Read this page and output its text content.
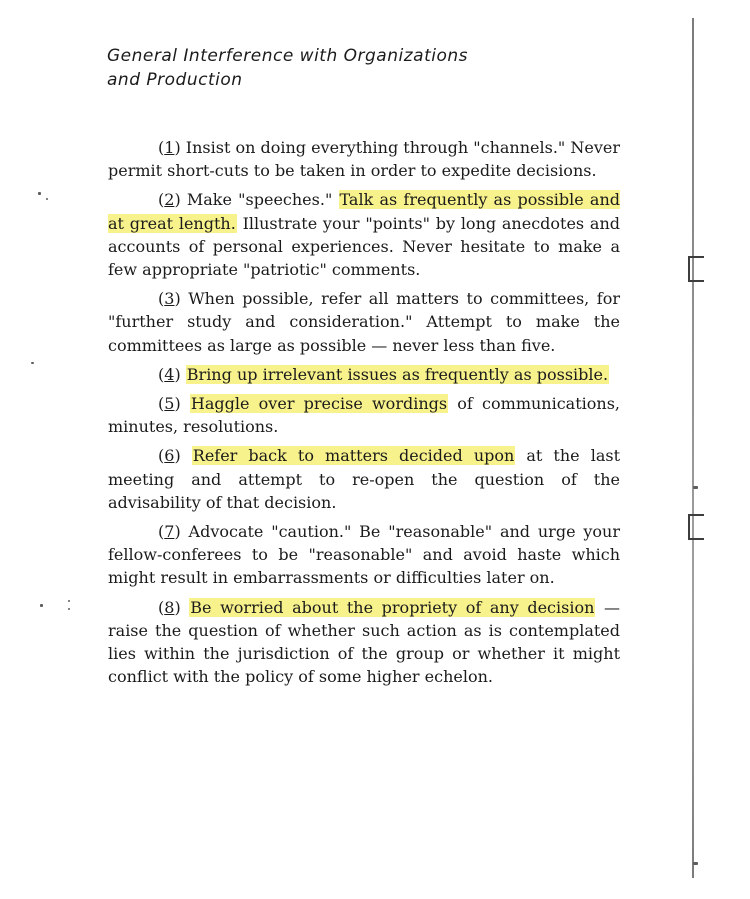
General Interference with Organizations
and Production

(1) Insist on doing everything through "channels." Never permit short-cuts to be taken in order to expedite decisions.

(2) Make "speeches." Talk as frequently as possible and at great length. Illustrate your "points" by long anecdotes and accounts of personal experiences. Never hesitate to make a few appropriate "patriotic" comments.

(3) When possible, refer all matters to committees, for "further study and consideration." Attempt to make the committees as large as possible — never less than five.

(4) Bring up irrelevant issues as frequently as possible.

(5) Haggle over precise wordings of communications, minutes, resolutions.

(6) Refer back to matters decided upon at the last meeting and attempt to re-open the question of the advisability of that decision.

(7) Advocate "caution." Be "reasonable" and urge your fellow-conferees to be "reasonable" and avoid haste which might result in embarrassments or difficulties later on.

(8) Be worried about the propriety of any decision — raise the question of whether such action as is contemplated lies within the jurisdiction of the group or whether it might conflict with the policy of some higher echelon.
